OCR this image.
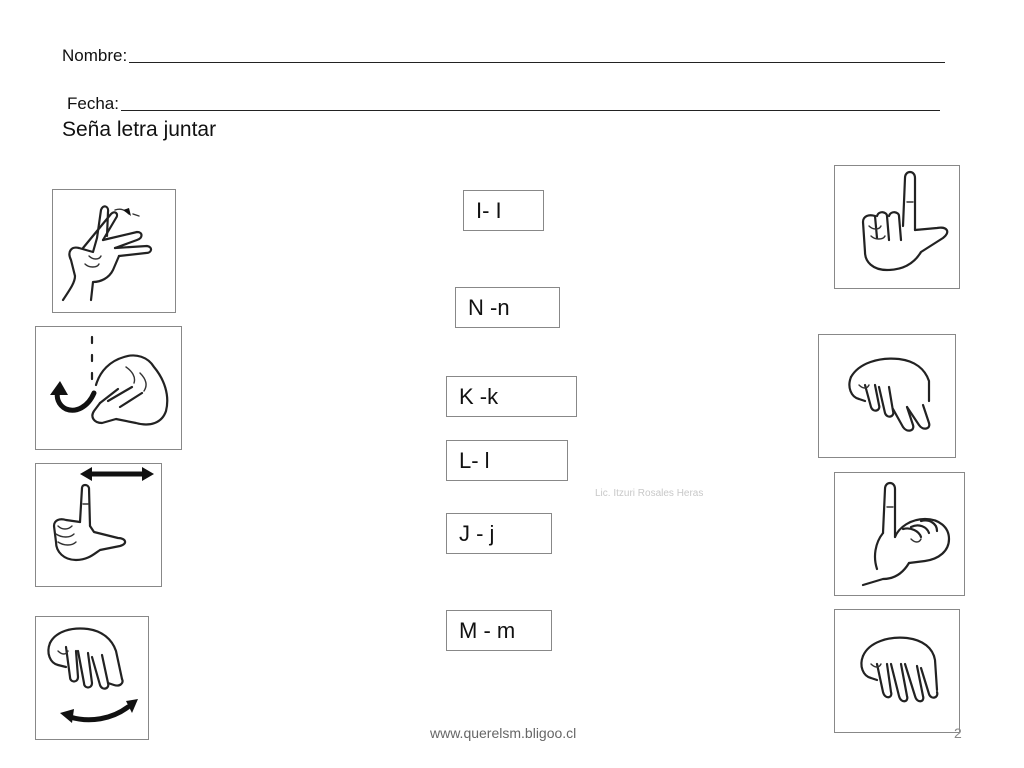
Nombre:
Fecha:
Seña letra juntar
I- I
N -n
K -k
L- l
J - j
M - m
Lic. Itzuri Rosales Heras
www.querelsm.bligoo.cl	2
